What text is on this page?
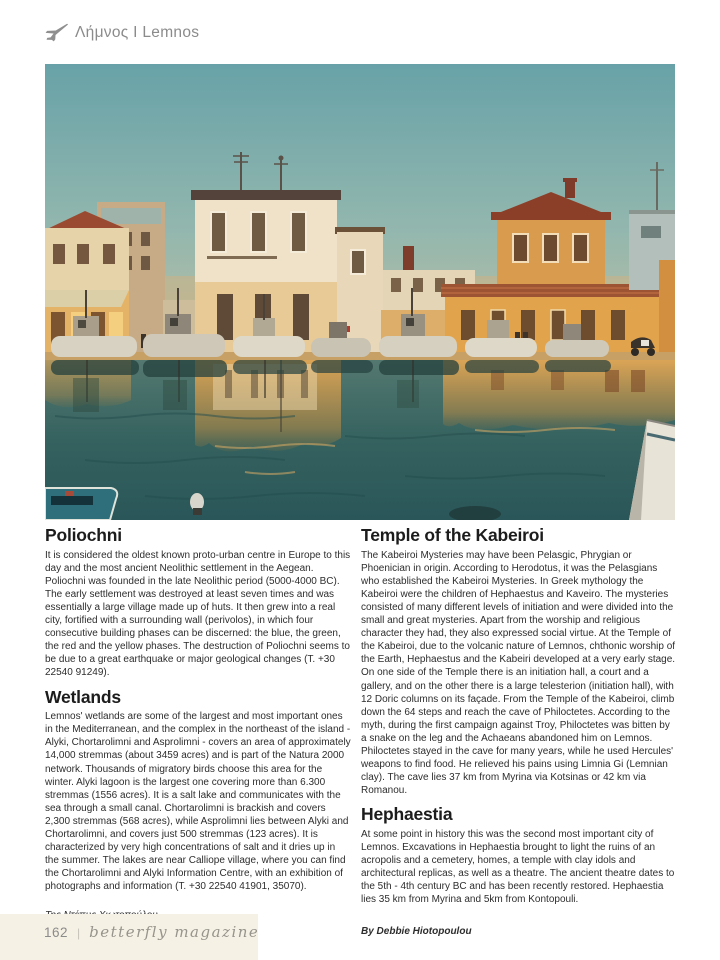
Λήμνος I Lemnos
Poliochni

It is considered the oldest known proto-urban centre in Europe to this day and the most ancient Neolithic settlement in the Aegean. Poliochni was founded in the late Neolithic period (5000-4000 BC). The early settlement was destroyed at least seven times and was essentially a large village made up of huts. It then grew into a real city, fortified with a surrounding wall (perivolos), in which four consecutive building phases can be discerned: the blue, the green, the red and the yellow phases. The destruction of Poliochni seems to be due to a great earthquake or major geological changes (T. +30 22540 91249).

Wetlands

Lemnos' wetlands are some of the largest and most important ones in the Mediterranean, and the complex in the northeast of the island - Alyki, Chortarolimni and Asprolimni - covers an area of approximately 14,000 stremmas (about 3459 acres) and is part of the Natura 2000 network. Thousands of migratory birds choose this area for the winter. Alyki lagoon is the largest one covering more than 6.300 stremmas (1556 acres). It is a salt lake and communicates with the sea through a small canal. Chortarolimni is brackish and covers 2,300 stremmas (568 acres), while Asprolimni lies between Alyki and Chortarolimni, and covers just 500 stremmas (123 acres). It is characterized by very high concentrations of salt and it dries up in the summer. The lakes are near Calliope village, where you can find the Chortarolimni and Alyki Information Centre, with an exhibition of photographs and information (T. +30 22540 41901, 35070).

Temple of the Kabeiroi

The Kabeiroi Mysteries may have been Pelasgic, Phrygian or Phoenician in origin. According to Herodotus, it was the Pelasgians who established the Kabeiroi Mysteries. In Greek mythology the Kabeiroi were the children of Hephaestus and Kaveiro. The mysteries consisted of many different levels of initiation and were divided into the small and great mysteries. Apart from the worship and religious character they had, they also expressed social virtue. At the Temple of the Kabeiroi, due to the volcanic nature of Lemnos, chthonic worship of the Earth, Hephaestus and the Kabeiri developed at a very early stage. On one side of the Temple there is an initiation hall, a court and a gallery, and on the other there is a large telesterion (initiation hall), with 12 Doric columns on its façade. From the Temple of the Kabeiroi, climb down the 64 steps and reach the cave of Philoctetes. According to the myth, during the first campaign against Troy, Philoctetes was bitten by a snake on the leg and the Achaeans abandoned him on Lemnos. Philoctetes stayed in the cave for many years, while he used Hercules' weapons to find food. He relieved his pains using Limnia Gi (Lemnian clay). The cave lies 37 km from Myrina via Kotsinas or 42 km via Romanou.

Hephaestia

At some point in history this was the second most important city of Lemnos. Excavations in Hephaestia brought to light the ruins of an acropolis and a cemetery, homes, a temple with clay idols and architectural replicas, as well as a theatre. The ancient theatre dates to the 5th - 4th century BC and has been recently restored. Hephaestia lies 35 km from Myrina and 5km from Kontopouli.

By Debbie Hiotopoulou
162 | betterfly magazine
